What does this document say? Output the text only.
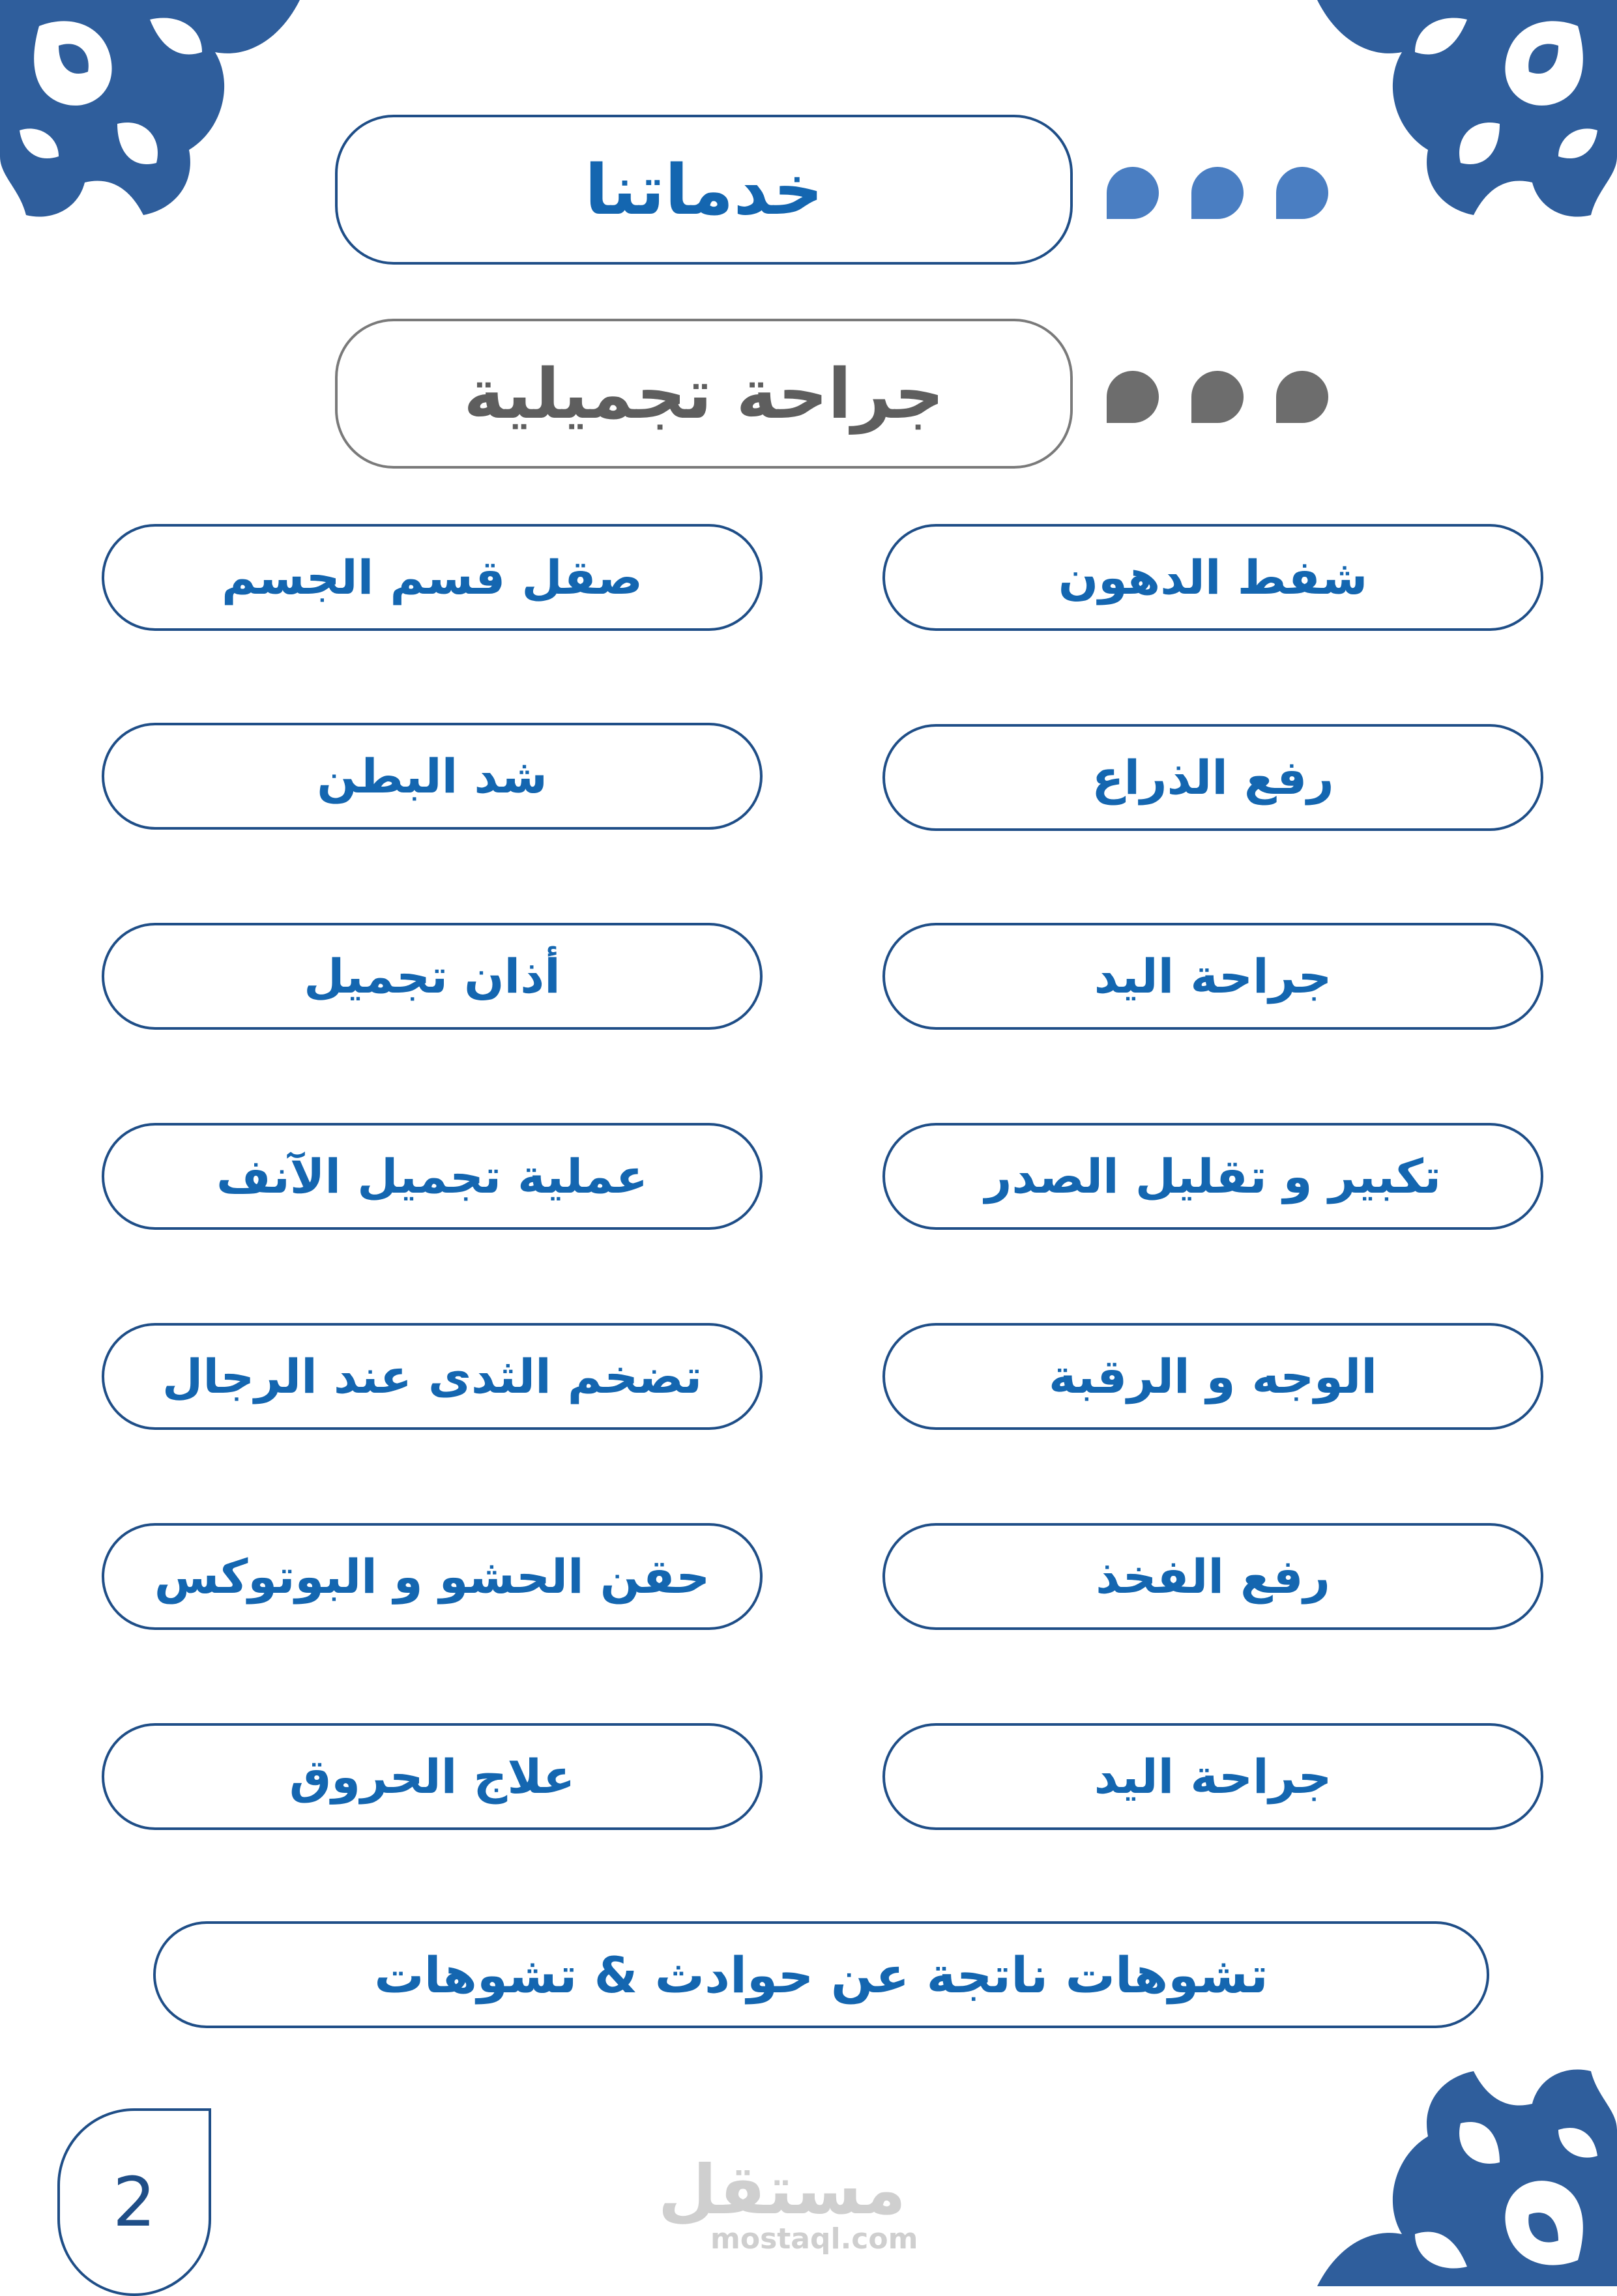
خدماتنا
جراحة تجميلية
شفط الدهون
رفع الذراع
جراحة اليد
تكبير و تقليل الصدر
الوجه و الرقبة
رفع الفخذ
جراحة اليد
صقل قسم الجسم
شد البطن
أذان تجميل
عملية تجميل الآنف
تضخم الثدى عند الرجال
حقن الحشو و البوتوكس
علاج الحروق
تشوهات ناتجة عن حوادث & تشوهات
2	مستقل
mostaql.com
